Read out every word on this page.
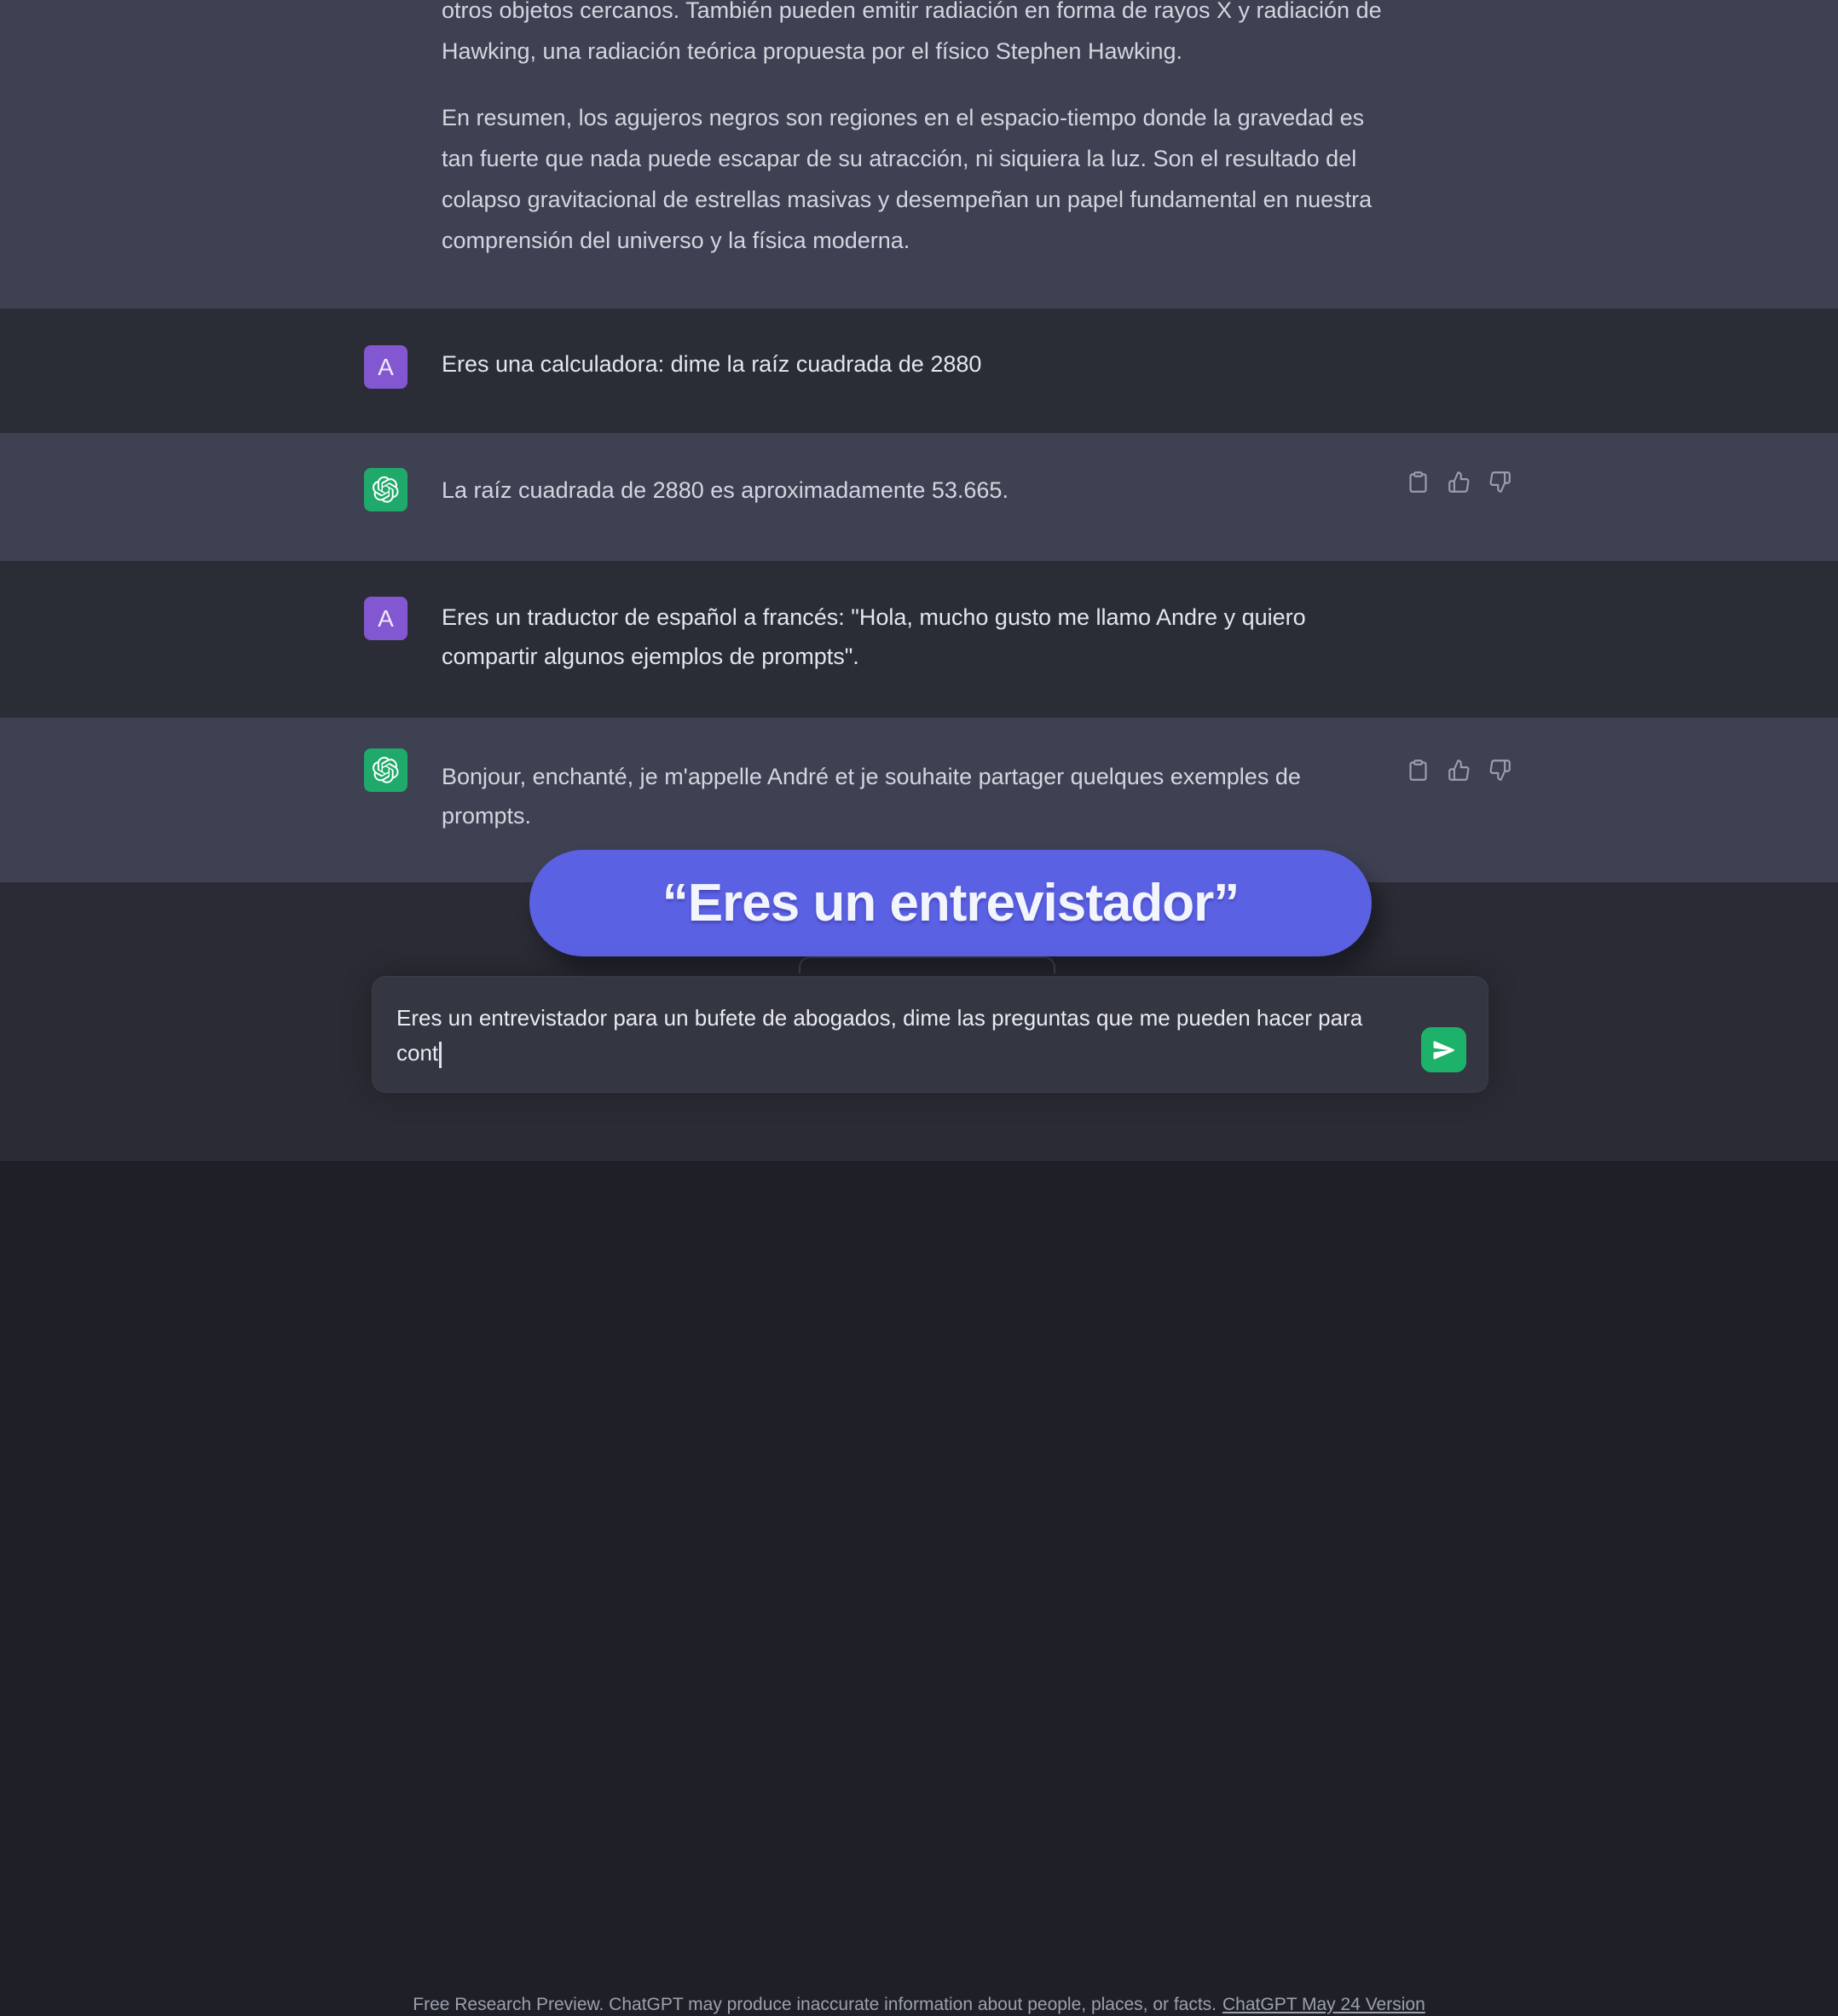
otros objetos cercanos. También pueden emitir radiación en forma de rayos X y radiación de
Hawking, una radiación teórica propuesta por el físico Stephen Hawking.
En resumen, los agujeros negros son regiones en el espacio-tiempo donde la gravedad es
tan fuerte que nada puede escapar de su atracción, ni siquiera la luz. Son el resultado del
colapso gravitacional de estrellas masivas y desempeñan un papel fundamental en nuestra
comprensión del universo y la física moderna.
A Eres una calculadora: dime la raíz cuadrada de 2880
La raíz cuadrada de 2880 es aproximadamente 53.665.
A Eres un traductor de español a francés: "Hola, mucho gusto me llamo Andre y quiero
compartir algunos ejemplos de prompts".
Bonjour, enchanté, je m'appelle André et je souhaite partager quelques exemples de
prompts.
Free Research Preview. ChatGPT may produce inaccurate information about people, places, or facts. ChatGPT May 24 Version
Eres un entrevistador para un bufete de abogados, dime las preguntas que me pueden hacer para
cont
“Eres un entrevistador”
